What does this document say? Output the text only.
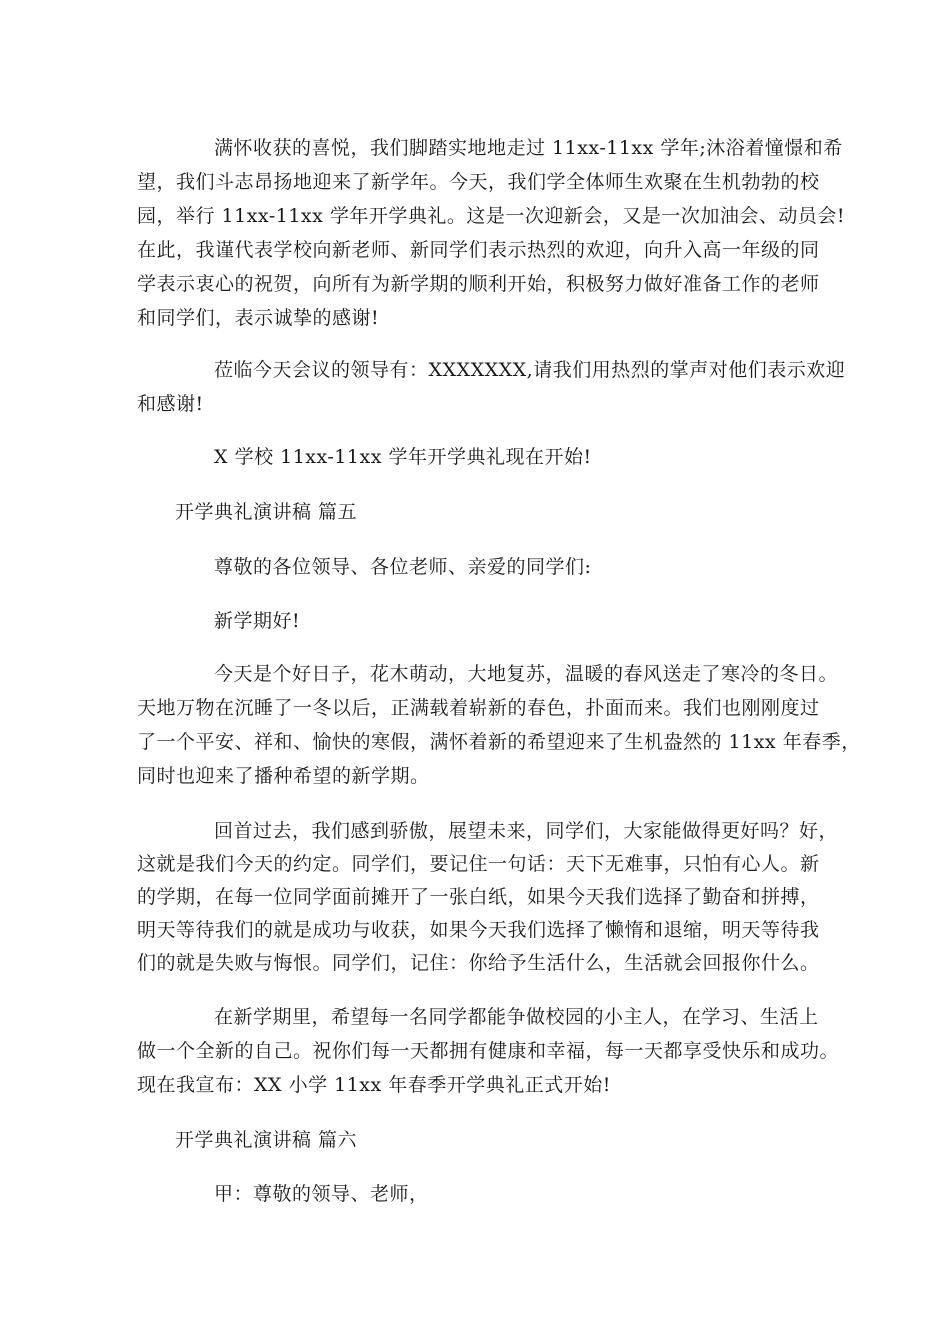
满怀收获的喜悦，我们脚踏实地地走过 11xx-11xx 学年;沐浴着憧憬和希
望，我们斗志昂扬地迎来了新学年。今天，我们学全体师生欢聚在生机勃勃的校
园，举行 11xx-11xx 学年开学典礼。这是一次迎新会，又是一次加油会、动员会!
在此，我谨代表学校向新老师、新同学们表示热烈的欢迎，向升入高一年级的同
学表示衷心的祝贺，向所有为新学期的顺利开始，积极努力做好准备工作的老师
和同学们，表示诚挚的感谢!
莅临今天会议的领导有：XXXXXXX,请我们用热烈的掌声对他们表示欢迎
和感谢!
X 学校 11xx-11xx 学年开学典礼现在开始!
开学典礼演讲稿 篇五
尊敬的各位领导、各位老师、亲爱的同学们:
新学期好!
今天是个好日子，花木萌动，大地复苏，温暖的春风送走了寒冷的冬日。
天地万物在沉睡了一冬以后，正满载着崭新的春色，扑面而来。我们也刚刚度过
了一个平安、祥和、愉快的寒假，满怀着新的希望迎来了生机盎然的 11xx 年春季，
同时也迎来了播种希望的新学期。
回首过去，我们感到骄傲，展望未来，同学们，大家能做得更好吗？好，
这就是我们今天的约定。同学们，要记住一句话：天下无难事，只怕有心人。新
的学期，在每一位同学面前摊开了一张白纸，如果今天我们选择了勤奋和拼搏，
明天等待我们的就是成功与收获，如果今天我们选择了懒惰和退缩，明天等待我
们的就是失败与悔恨。同学们，记住：你给予生活什么，生活就会回报你什么。
在新学期里，希望每一名同学都能争做校园的小主人，在学习、生活上
做一个全新的自己。祝你们每一天都拥有健康和幸福，每一天都享受快乐和成功。
现在我宣布：XX 小学 11xx 年春季开学典礼正式开始!
开学典礼演讲稿 篇六
甲：尊敬的领导、老师，
